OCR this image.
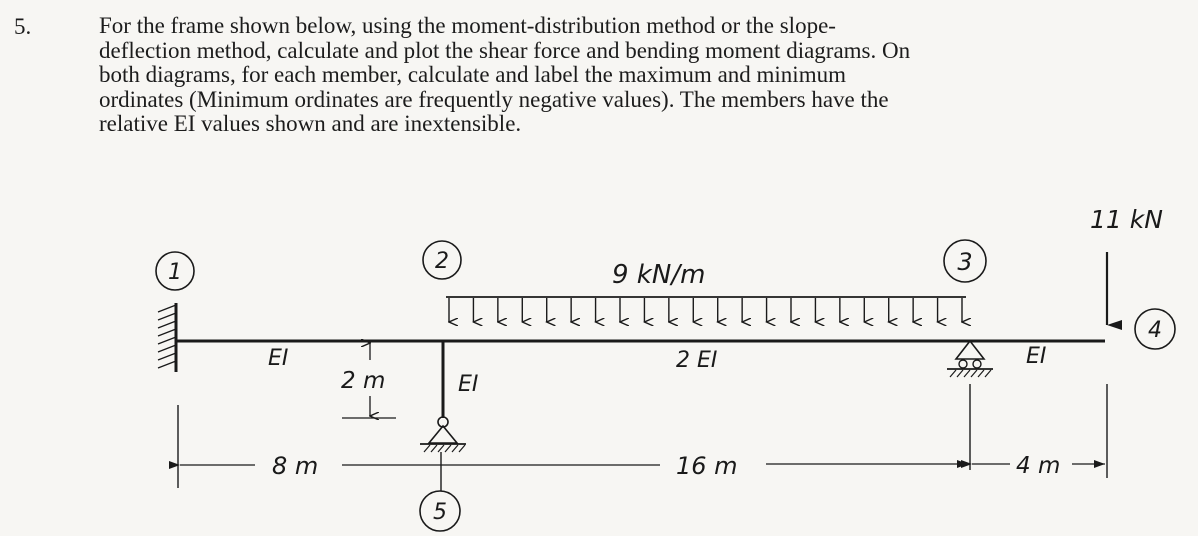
5.	For the frame shown below, using the moment-distribution method or the slope-
deflection method, calculate and plot the shear force and bending moment diagrams. On
both diagrams, for each member, calculate and label the maximum and minimum
ordinates (Minimum ordinates are frequently negative values). The members have the
relative EI values shown and are inextensible.
9 kN/m
11 kN
1	2	3
4
5
EI	2 EI	EI
EI
2 m
8 m	16 m	4 m
